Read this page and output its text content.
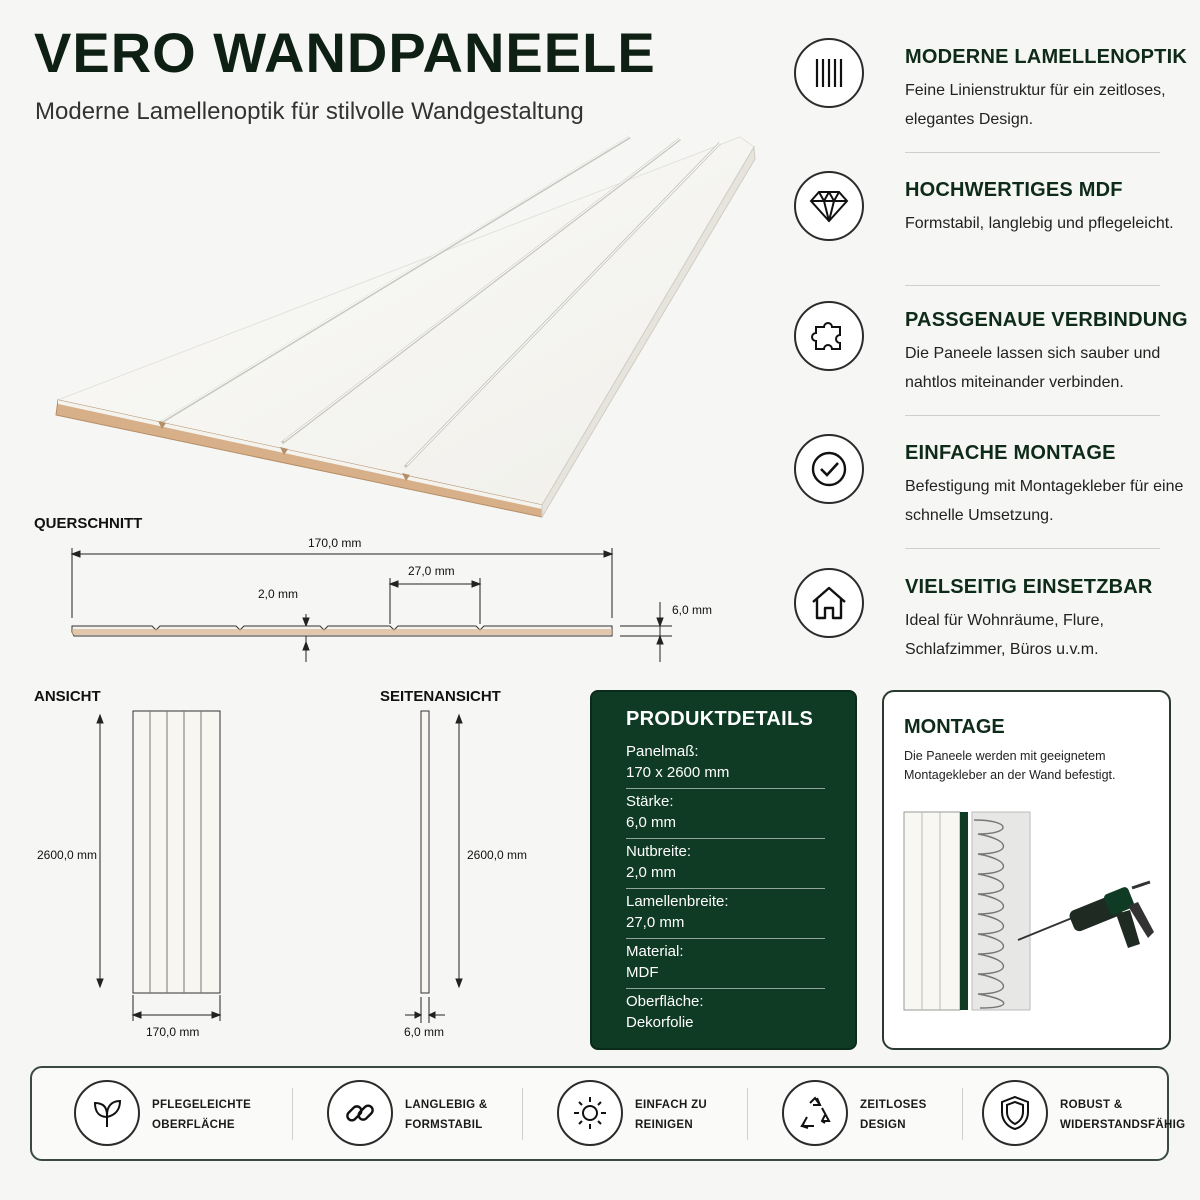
VERO WANDPANEELE
Moderne Lamellenoptik für stilvolle Wandgestaltung
MODERNE LAMELLENOPTIK
Feine Linienstruktur für ein zeitloses, elegantes Design.
HOCHWERTIGES MDF
Formstabil, langlebig und pflegeleicht.
PASSGENAUE VERBINDUNG
Die Paneele lassen sich sauber und nahtlos miteinander verbinden.
EINFACHE MONTAGE
Befestigung mit Montagekleber für eine schnelle Umsetzung.
VIELSEITIG EINSETZBAR
Ideal für Wohnräume, Flure, Schlafzimmer, Büros u.v.m.
QUERSCHNITT
170,0 mm
27,0 mm
2,0 mm
6,0 mm
ANSICHT
2600,0 mm
170,0 mm
SEITENANSICHT
2600,0 mm
6,0 mm
PRODUKTDETAILS
Panelmaß:
170 x 2600 mm
Stärke:
6,0 mm
Nutbreite:
2,0 mm
Lamellenbreite:
27,0 mm
Material:
MDF
Oberfläche:
Dekorfolie
MONTAGE
Die Paneele werden mit geeignetem Montagekleber an der Wand befestigt.
PFLEGELEICHTE
OBERFLÄCHE
LANGLEBIG &
FORMSTABIL
EINFACH ZU
REINIGEN
ZEITLOSES
DESIGN
ROBUST &
WIDERSTANDSFÄHIG
